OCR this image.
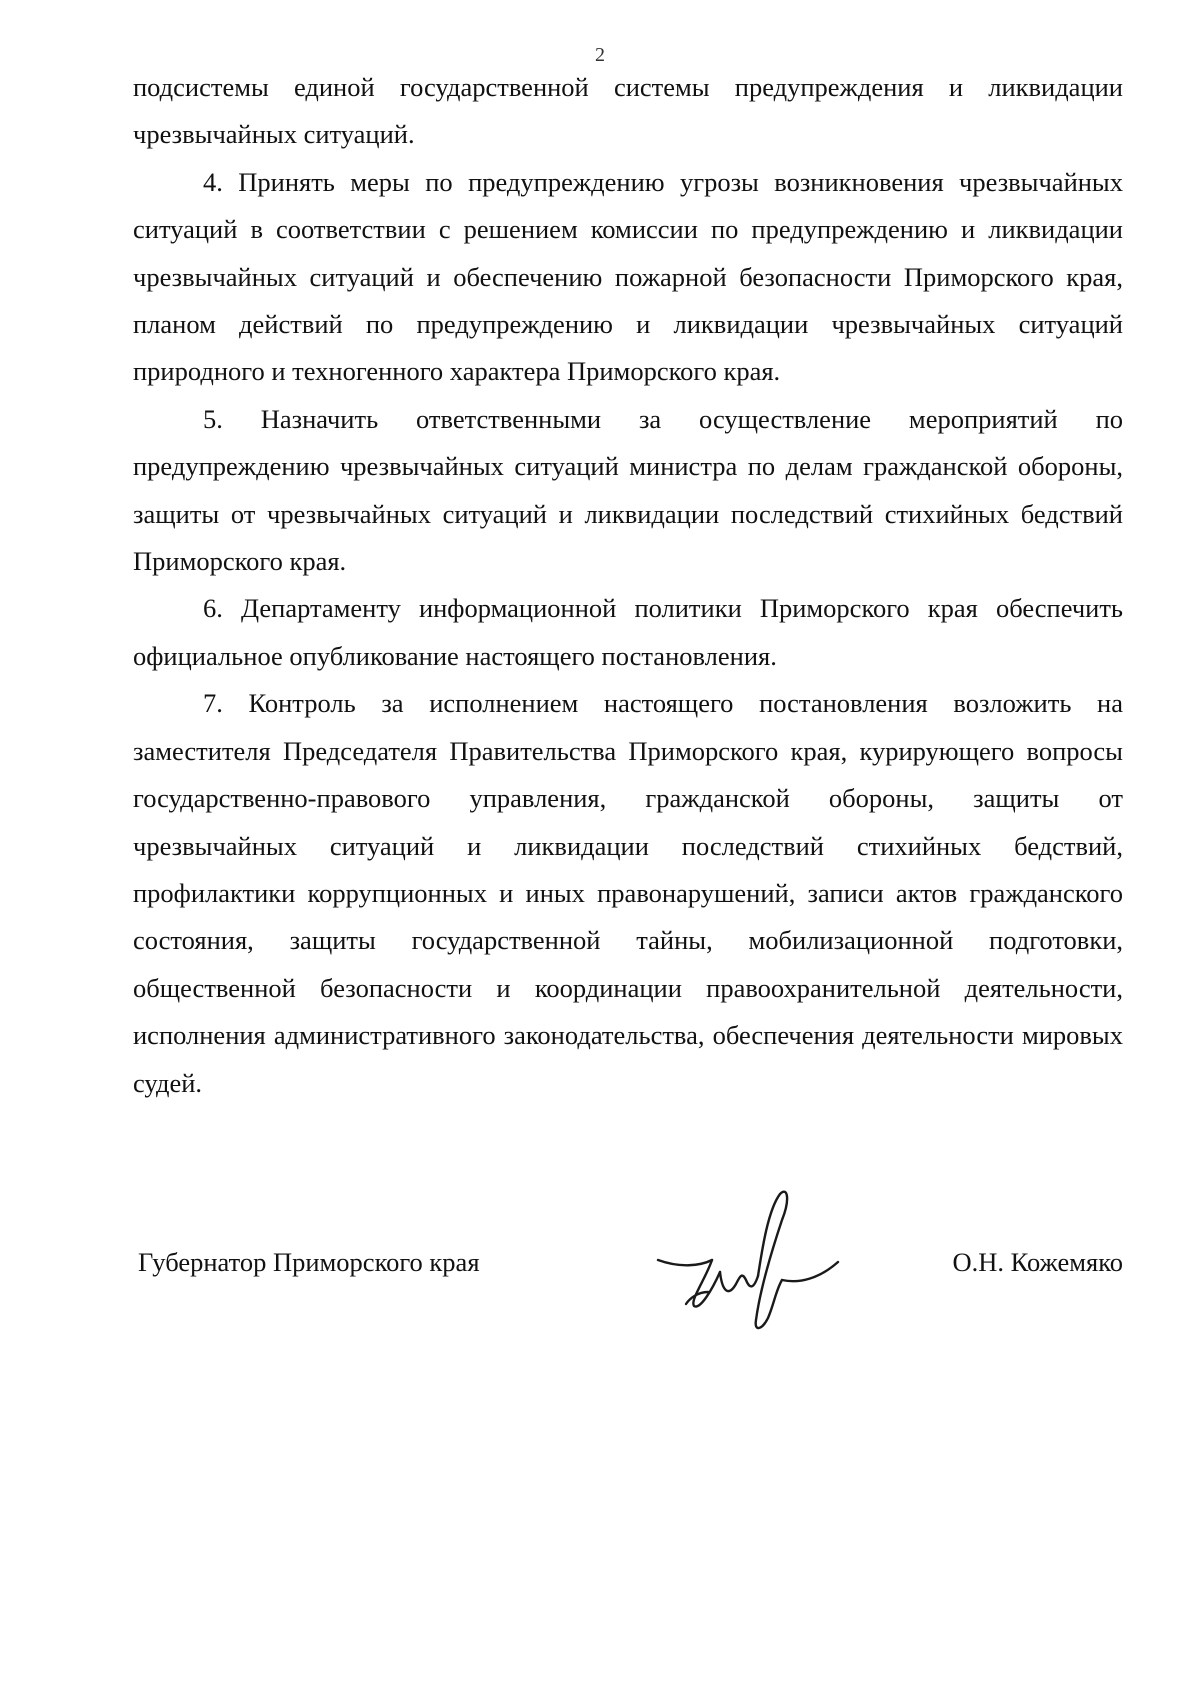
2

подсистемы единой государственной системы предупреждения и ликвидации чрезвычайных ситуаций.

4. Принять меры по предупреждению угрозы возникновения чрезвычайных ситуаций в соответствии с решением комиссии по предупреждению и ликвидации чрезвычайных ситуаций и обеспечению пожарной безопасности Приморского края, планом действий по предупреждению и ликвидации чрезвычайных ситуаций природного и техногенного характера Приморского края.

5. Назначить ответственными за осуществление мероприятий по предупреждению чрезвычайных ситуаций министра по делам гражданской обороны, защиты от чрезвычайных ситуаций и ликвидации последствий стихийных бедствий Приморского края.

6. Департаменту информационной политики Приморского края обеспечить официальное опубликование настоящего постановления.

7. Контроль за исполнением настоящего постановления возложить на заместителя Председателя Правительства Приморского края, курирующего вопросы государственно-правового управления, гражданской обороны, защиты от чрезвычайных ситуаций и ликвидации последствий стихийных бедствий, профилактики коррупционных и иных правонарушений, записи актов гражданского состояния, защиты государственной тайны, мобилизационной подготовки, общественной безопасности и координации правоохранительной деятельности, исполнения административного законодательства, обеспечения деятельности мировых судей.

Губернатор Приморского края	О.Н. Кожемяко
